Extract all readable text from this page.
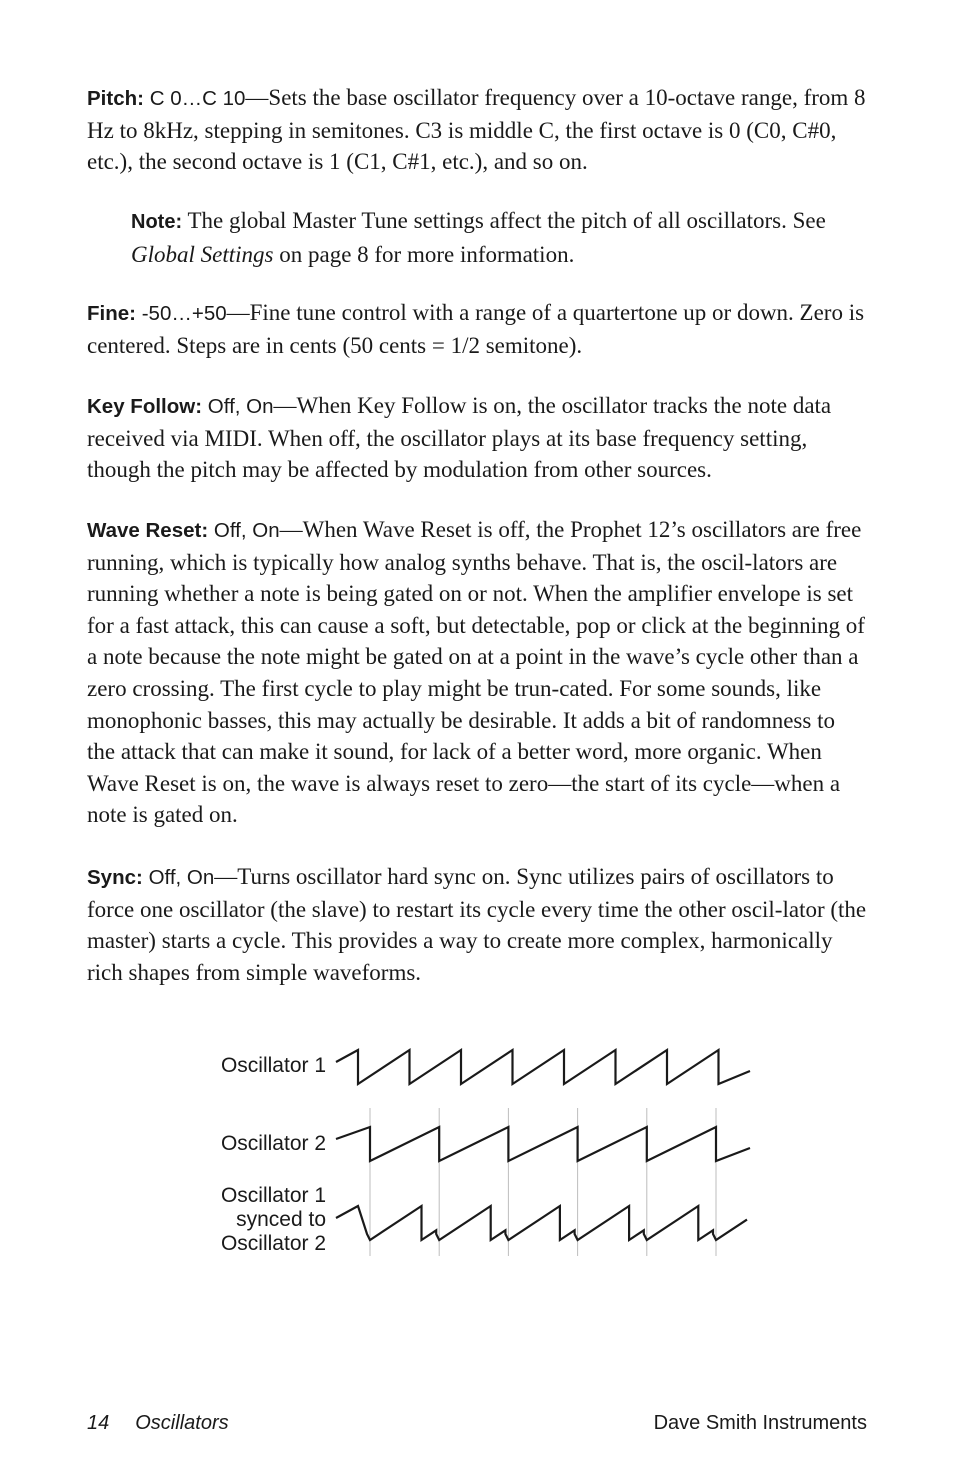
Pitch: C 0…C 10—Sets the base oscillator frequency over a 10-octave range, from 8 Hz to 8kHz, stepping in semitones. C3 is middle C, the first octave is 0 (C0, C#0, etc.), the second octave is 1 (C1, C#1, etc.), and so on.

Note: The global Master Tune settings affect the pitch of all oscillators. See Global Settings on page 8 for more information.

Fine: -50…+50—Fine tune control with a range of a quartertone up or down. Zero is centered. Steps are in cents (50 cents = 1/2 semitone).

Key Follow: Off, On—When Key Follow is on, the oscillator tracks the note data received via MIDI. When off, the oscillator plays at its base frequency setting, though the pitch may be affected by modulation from other sources.

Wave Reset: Off, On—When Wave Reset is off, the Prophet 12’s oscillators are free running, which is typically how analog synths behave. That is, the oscil-lators are running whether a note is being gated on or not. When the amplifier envelope is set for a fast attack, this can cause a soft, but detectable, pop or click at the beginning of a note because the note might be gated on at a point in the wave’s cycle other than a zero crossing. The first cycle to play might be trun-cated. For some sounds, like monophonic basses, this may actually be desirable. It adds a bit of randomness to the attack that can make it sound, for lack of a better word, more organic. When Wave Reset is on, the wave is always reset to zero—the start of its cycle—when a note is gated on.

Sync: Off, On—Turns oscillator hard sync on. Sync utilizes pairs of oscillators to force one oscillator (the slave) to restart its cycle every time the other oscil-lator (the master) starts a cycle. This provides a way to create more complex, harmonically rich shapes from simple waveforms.

Oscillator 1
Oscillator 2
Oscillator 1
synced to
Oscillator 2
14 Oscillators	Dave Smith Instruments
